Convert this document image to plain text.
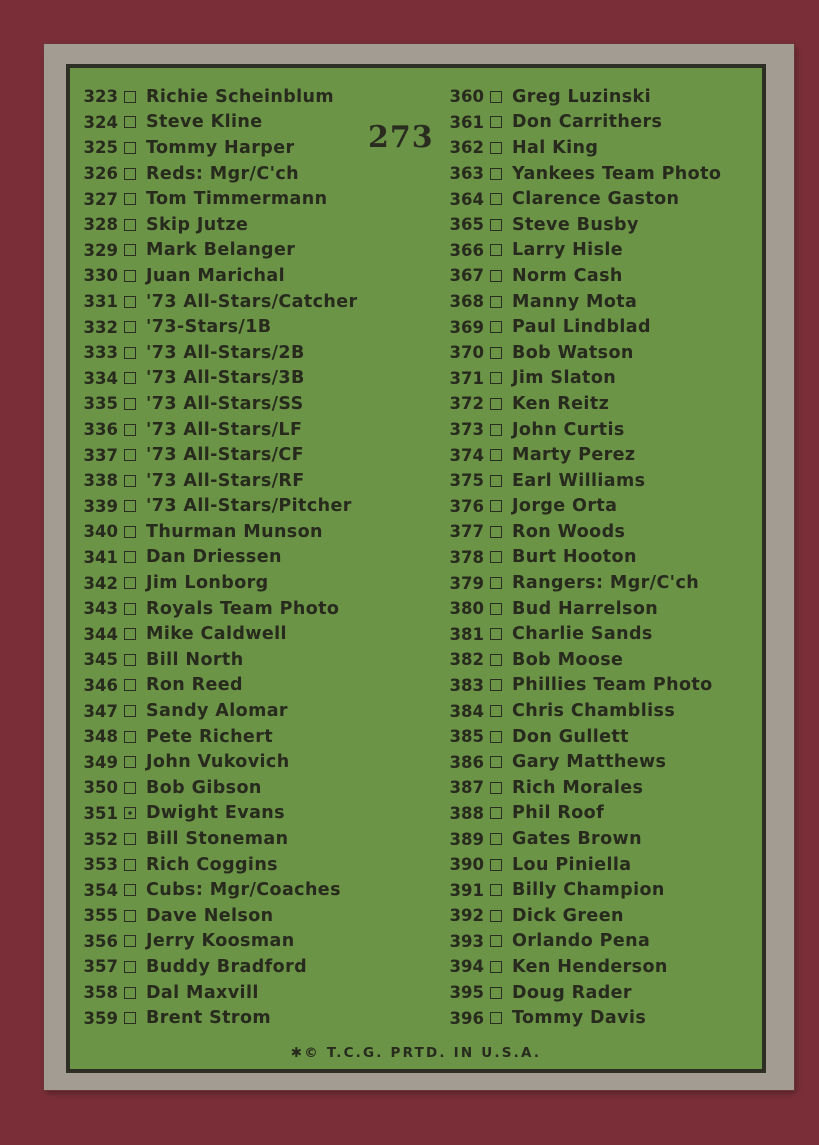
323 Richie Scheinblum
324 Steve Kline
325 Tommy Harper
326 Reds: Mgr/C'ch
327 Tom Timmermann
328 Skip Jutze
329 Mark Belanger
330 Juan Marichal
331 '73 All-Stars/Catcher
332 '73-Stars/1B
333 '73 All-Stars/2B
334 '73 All-Stars/3B
335 '73 All-Stars/SS
336 '73 All-Stars/LF
337 '73 All-Stars/CF
338 '73 All-Stars/RF
339 '73 All-Stars/Pitcher
340 Thurman Munson
341 Dan Driessen
342 Jim Lonborg
343 Royals Team Photo
344 Mike Caldwell
345 Bill North
346 Ron Reed
347 Sandy Alomar
348 Pete Richert
349 John Vukovich
350 Bob Gibson
351 Dwight Evans
352 Bill Stoneman
353 Rich Coggins
354 Cubs: Mgr/Coaches
355 Dave Nelson
356 Jerry Koosman
357 Buddy Bradford
358 Dal Maxvill
359 Brent Strom
273
360 Greg Luzinski
361 Don Carrithers
362 Hal King
363 Yankees Team Photo
364 Clarence Gaston
365 Steve Busby
366 Larry Hisle
367 Norm Cash
368 Manny Mota
369 Paul Lindblad
370 Bob Watson
371 Jim Slaton
372 Ken Reitz
373 John Curtis
374 Marty Perez
375 Earl Williams
376 Jorge Orta
377 Ron Woods
378 Burt Hooton
379 Rangers: Mgr/C'ch
380 Bud Harrelson
381 Charlie Sands
382 Bob Moose
383 Phillies Team Photo
384 Chris Chambliss
385 Don Gullett
386 Gary Matthews
387 Rich Morales
388 Phil Roof
389 Gates Brown
390 Lou Piniella
391 Billy Champion
392 Dick Green
393 Orlando Pena
394 Ken Henderson
395 Doug Rader
396 Tommy Davis
✱© T.C.G. PRTD. IN U.S.A.
